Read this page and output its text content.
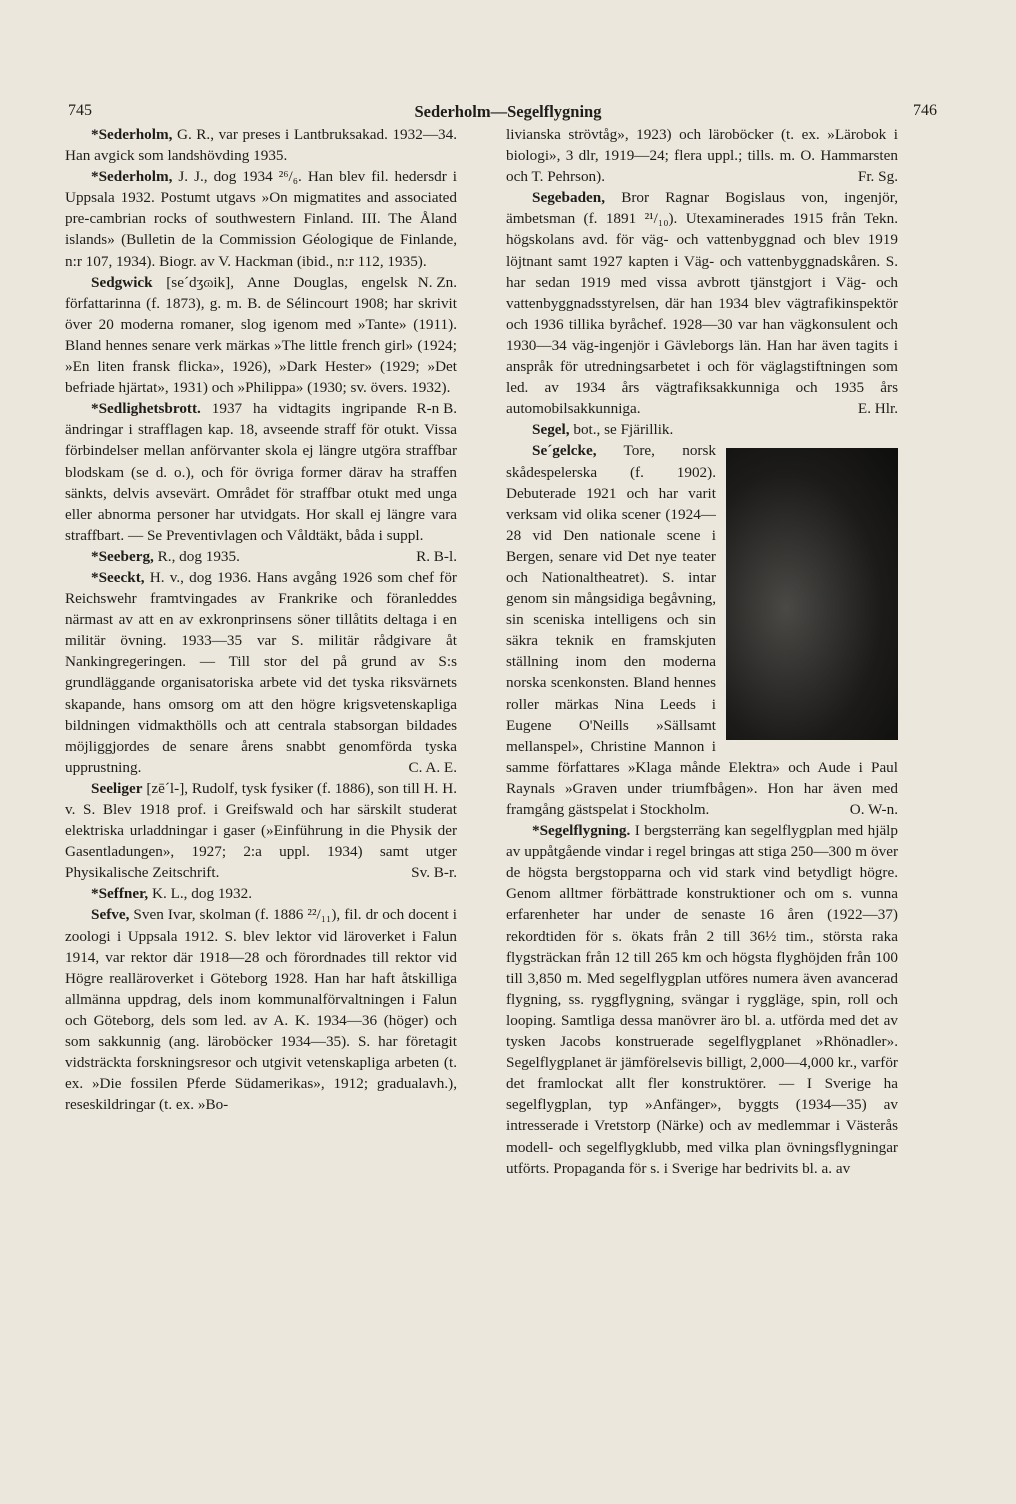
745	Sederholm—Segelflygning	746

*Sederholm, G. R., var preses i Lantbruksakad. 1932—34. Han avgick som landshövding 1935.

*Sederholm, J. J., dog 1934 ²⁶/₆. Han blev fil. hedersdr i Uppsala 1932. Postumt utgavs »On migmatites and associated pre-cambrian rocks of southwestern Finland. III. The Åland islands» (Bulletin de la Commission Géologique de Finlande, n:r 107, 1934). Biogr. av V. Hackman (ibid., n:r 112, 1935).
N. Zn.

Sedgwick [se´dʒɷik], Anne Douglas, engelsk författarinna (f. 1873), g. m. B. de Sélincourt 1908; har skrivit över 20 moderna romaner, slog igenom med »Tante» (1911). Bland hennes senare verk märkas »The little french girl» (1924; »En liten fransk flicka», 1926), »Dark Hester» (1929; »Det befriade hjärtat», 1931) och »Philippa» (1930; sv. övers. 1932).
R-n B.

*Sedlighetsbrott. 1937 ha vidtagits ingripande ändringar i strafflagen kap. 18, avseende straff för otukt. Vissa förbindelser mellan anförvanter skola ej längre utgöra straffbar blodskam (se d. o.), och för övriga former därav ha straffen sänkts, delvis avsevärt. Området för straffbar otukt med unga eller abnorma personer har utvidgats. Hor skall ej längre vara straffbart. — Se Preventivlagen och Våldtäkt, båda i suppl.
R. B-l.

*Seeberg, R., dog 1935.

*Seeckt, H. v., dog 1936. Hans avgång 1926 som chef för Reichswehr framtvingades av Frankrike och föranleddes närmast av att en av exkronprinsens söner tillåtits deltaga i en militär övning. 1933—35 var S. militär rådgivare åt Nankingregeringen. — Till stor del på grund av S:s grundläggande organisatoriska arbete vid det tyska riksvärnets skapande, hans omsorg om att den högre krigsvetenskapliga bildningen vidmakthölls och att centrala stabsorgan bildades möjliggjordes de senare årens snabbt genomförda tyska upprustning.	C. A. E.

Seeliger [zē´l-], Rudolf, tysk fysiker (f. 1886), son till H. H. v. S. Blev 1918 prof. i Greifswald och har särskilt studerat elektriska urladdningar i gaser (»Einführung in die Physik der Gasentladungen», 1927; 2:a uppl. 1934) samt utger Physikalische Zeitschrift.	Sv. B-r.

*Seffner, K. L., dog 1932.

Sefve, Sven Ivar, skolman (f. 1886 ²²/₁₁), fil. dr och docent i zoologi i Uppsala 1912. S. blev lektor vid läroverket i Falun 1914, var rektor där 1918—28 och förordnades till rektor vid Högre realläroverket i Göteborg 1928. Han har haft åtskilliga allmänna uppdrag, dels inom kommunalförvaltningen i Falun och Göteborg, dels som led. av A. K. 1934—36 (höger) och som sakkunnig (ang. läroböcker 1934—35). S. har företagit vidsträckta forskningsresor och utgivit vetenskapliga arbeten (t. ex. »Die fossilen Pferde Südamerikas», 1912; gradualavh.), reseskildringar (t. ex. »Bo-

livianska strövtåg», 1923) och läroböcker (t. ex. »Lärobok i biologi», 3 dlr, 1919—24; flera uppl.; tills. m. O. Hammarsten och T. Pehrson).	Fr. Sg.

Segebaden, Bror Ragnar Bogislaus von, ingenjör, ämbetsman (f. 1891 ²¹/₁₀). Utexaminerades 1915 från Tekn. högskolans avd. för väg- och vattenbyggnad och blev 1919 löjtnant samt 1927 kapten i Väg- och vattenbyggnadskåren. S. har sedan 1919 med vissa avbrott tjänstgjort i Väg- och vattenbyggnadsstyrelsen, där han 1934 blev vägtrafikinspektör och 1936 tillika byråchef. 1928—30 var han vägkonsulent och 1930—34 väg-ingenjör i Gävleborgs län. Han har även tagits i anspråk för utredningsarbetet i och för väglagstiftningen som led. av 1934 års vägtrafiksakkunniga och 1935 års automobilsakkunniga.	E. Hlr.

Segel, bot., se Fjärillik.

Se´gelcke, Tore, norsk skådespelerska (f. 1902). Debuterade 1921 och har varit verksam vid olika scener (1924—28 vid Den nationale scene i Bergen, senare vid Det nye teater och Nationaltheatret). S. intar genom sin mångsidiga begåvning, sin sceniska intelligens och sin säkra teknik en framskjuten ställning inom den moderna norska scenkonsten. Bland hennes roller märkas Nina Leeds i Eugene O'Neills »Sällsamt mellanspel», Christine Mannon i samme författares »Klaga månde Elektra» och Aude i Paul Raynals »Graven under triumfbågen». Hon har även med framgång gästspelat i Stockholm.	O. W-n.

*Segelflygning. I bergsterräng kan segelflygplan med hjälp av uppåtgående vindar i regel bringas att stiga 250—300 m över de högsta bergstopparna och vid stark vind betydligt högre. Genom alltmer förbättrade konstruktioner och om s. vunna erfarenheter har under de senaste 16 åren (1922—37) rekordtiden för s. ökats från 2 till 36½ tim., största raka flygsträckan från 12 till 265 km och högsta flyghöjden från 100 till 3,850 m. Med segelflygplan utföres numera även avancerad flygning, ss. ryggflygning, svängar i ryggläge, spin, roll och looping. Samtliga dessa manövrer äro bl. a. utförda med det av tysken Jacobs konstruerade segelflygplanet »Rhönadler». Segelflygplanet är jämförelsevis billigt, 2,000—4,000 kr., varför det framlockat allt fler konstruktörer. — I Sverige ha segelflygplan, typ »Anfänger», byggts (1934—35) av intresserade i Vretstorp (Närke) och av medlemmar i Västerås modell- och segelflygklubb, med vilka plan övningsflygningar utförts. Propaganda för s. i Sverige har bedrivits bl. a. av
